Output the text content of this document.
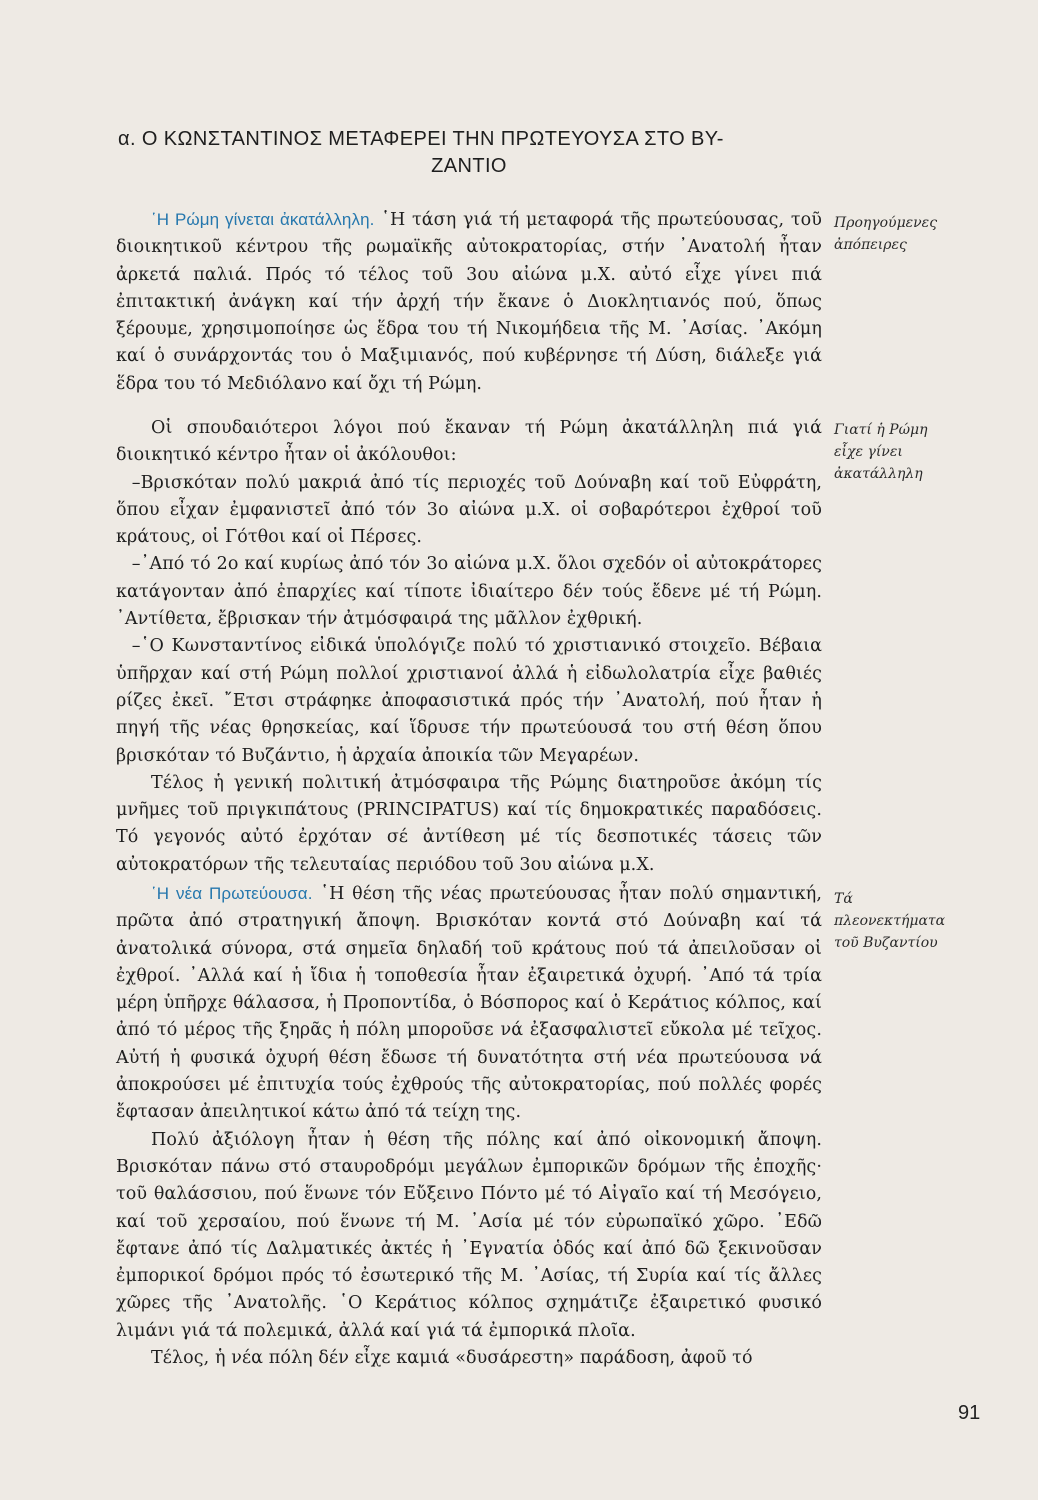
α. Ο ΚΩΝΣΤΑΝΤΙΝΟΣ ΜΕΤΑΦΕΡΕΙ ΤΗΝ ΠΡΩΤΕΥΟΥΣΑ ΣΤΟ ΒΥ-
ΖΑΝΤΙΟ

῾Η Ρώμη γίνεται ἀκατάλληλη. ῾Η τάση γιά τή μεταφορά τῆς πρωτεύουσας, τοῦ διοικητικοῦ κέντρου τῆς ρωμαϊκῆς αὐτοκρατορίας, στήν ᾿Ανατολή ἦταν ἀρκετά παλιά. Πρός τό τέλος τοῦ 3ου αἰώνα μ.Χ. αὐτό εἶχε γίνει πιά ἐπιτακτική ἀνάγκη καί τήν ἀρχή τήν ἔκανε ὁ Διοκλητιανός πού, ὅπως ξέρουμε, χρησιμοποίησε ὡς ἕδρα του τή Νικομήδεια τῆς Μ. ᾿Ασίας. ᾿Ακόμη καί ὁ συνάρχοντάς του ὁ Μαξιμιανός, πού κυβέρνησε τή Δύση, διάλεξε γιά ἕδρα του τό Μεδιόλανο καί ὄχι τή Ρώμη.

Οἱ σπουδαιότεροι λόγοι πού ἔκαναν τή Ρώμη ἀκατάλληλη πιά γιά διοικητικό κέντρο ἦταν οἱ ἀκόλουθοι:

–Βρισκόταν πολύ μακριά ἀπό τίς περιοχές τοῦ Δούναβη καί τοῦ Εὐφράτη, ὅπου εἶχαν ἐμφανιστεῖ ἀπό τόν 3ο αἰώνα μ.Χ. οἱ σοβαρότεροι ἐχθροί τοῦ κράτους, οἱ Γότθοι καί οἱ Πέρσες.

–᾿Από τό 2ο καί κυρίως ἀπό τόν 3ο αἰώνα μ.Χ. ὅλοι σχεδόν οἱ αὐτοκράτορες κατάγονταν ἀπό ἐπαρχίες καί τίποτε ἰδιαίτερο δέν τούς ἔδενε μέ τή Ρώμη. ᾿Αντίθετα, ἔβρισκαν τήν ἀτμόσφαιρά της μᾶλλον ἐχθρική.

–῾Ο Κωνσταντίνος εἰδικά ὑπολόγιζε πολύ τό χριστιανικό στοιχεῖο. Βέβαια ὑπῆρχαν καί στή Ρώμη πολλοί χριστιανοί ἀλλά ἡ εἰδωλολατρία εἶχε βαθιές ρίζες ἐκεῖ. ῎Ετσι στράφηκε ἀποφασιστικά πρός τήν ᾿Ανατολή, πού ἦταν ἡ πηγή τῆς νέας θρησκείας, καί ἵδρυσε τήν πρωτεύουσά του στή θέση ὅπου βρισκόταν τό Βυζάντιο, ἡ ἀρχαία ἀποικία τῶν Μεγαρέων.

Τέλος ἡ γενική πολιτική ἀτμόσφαιρα τῆς Ρώμης διατηροῦσε ἀκόμη τίς μνῆμες τοῦ πριγκιπάτους (PRINCIPATUS) καί τίς δημοκρατικές παραδόσεις. Τό γεγονός αὐτό ἐρχόταν σέ ἀντίθεση μέ τίς δεσποτικές τάσεις τῶν αὐτοκρατόρων τῆς τελευταίας περιόδου τοῦ 3ου αἰώνα μ.Χ.

῾Η νέα Πρωτεύουσα. ῾Η θέση τῆς νέας πρωτεύουσας ἦταν πολύ σημαντική, πρῶτα ἀπό στρατηγική ἄποψη. Βρισκόταν κοντά στό Δούναβη καί τά ἀνατολικά σύνορα, στά σημεῖα δηλαδή τοῦ κράτους πού τά ἀπειλοῦσαν οἱ ἐχθροί. ᾿Αλλά καί ἡ ἴδια ἡ τοποθεσία ἦταν ἐξαιρετικά ὀχυρή. ᾿Από τά τρία μέρη ὑπῆρχε θάλασσα, ἡ Προποντίδα, ὁ Βόσπορος καί ὁ Κεράτιος κόλπος, καί ἀπό τό μέρος τῆς ξηρᾶς ἡ πόλη μποροῦσε νά ἐξασφαλιστεῖ εὔκολα μέ τεῖχος. Αὐτή ἡ φυσικά ὀχυρή θέση ἔδωσε τή δυνατότητα στή νέα πρωτεύουσα νά ἀποκρούσει μέ ἐπιτυχία τούς ἐχθρούς τῆς αὐτοκρατορίας, πού πολλές φορές ἔφτασαν ἀπειλητικοί κάτω ἀπό τά τείχη της.

Πολύ ἀξιόλογη ἦταν ἡ θέση τῆς πόλης καί ἀπό οἰκονομική ἄποψη. Βρισκόταν πάνω στό σταυροδρόμι μεγάλων ἐμπορικῶν δρόμων τῆς ἐποχῆς· τοῦ θαλάσσιου, πού ἕνωνε τόν Εὔξεινο Πόντο μέ τό Αἰγαῖο καί τή Μεσόγειο, καί τοῦ χερσαίου, πού ἕνωνε τή Μ. ᾿Ασία μέ τόν εὐρωπαϊκό χῶρο. ᾿Εδῶ ἔφτανε ἀπό τίς Δαλματικές ἀκτές ἡ ᾿Εγνατία ὁδός καί ἀπό δῶ ξεκινοῦσαν ἐμπορικοί δρόμοι πρός τό ἐσωτερικό τῆς Μ. ᾿Ασίας, τή Συρία καί τίς ἄλλες χῶρες τῆς ᾿Ανατολῆς. ῾Ο Κεράτιος κόλπος σχημάτιζε ἐξαιρετικό φυσικό λιμάνι γιά τά πολεμικά, ἀλλά καί γιά τά ἐμπορικά πλοῖα.

Τέλος, ἡ νέα πόλη δέν εἶχε καμιά «δυσάρεστη» παράδοση, ἀφοῦ τό

Προηγούμενες ἀπόπειρες

Γιατί ἡ Ρώμη εἶχε γίνει ἀκατάλληλη

Τά πλεονεκτήματα τοῦ Βυζαντίου

91
